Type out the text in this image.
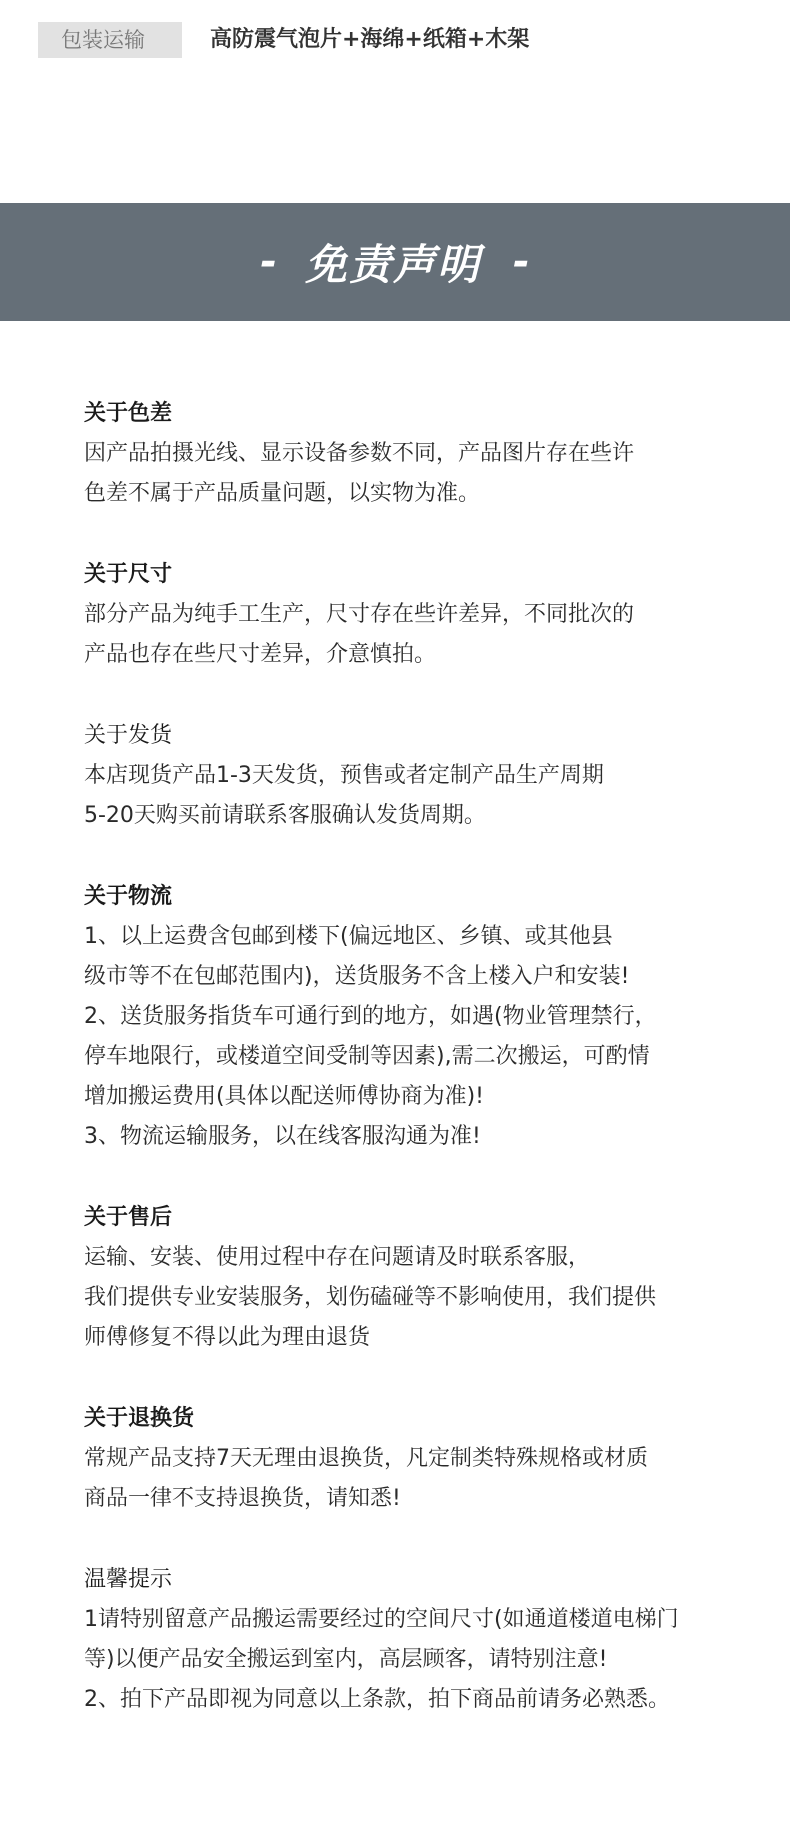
包装运输	高防震气泡片+海绵+纸箱+木架
- 免责声明 -
关于色差
因产品拍摄光线、显示设备参数不同，产品图片存在些许
色差不属于产品质量问题，以实物为准。
关于尺寸
部分产品为纯手工生产，尺寸存在些许差异，不同批次的
产品也存在些尺寸差异，介意慎拍。
关于发货
本店现货产品1-3天发货，预售或者定制产品生产周期
5-20天购买前请联系客服确认发货周期。
关于物流
1、以上运费含包邮到楼下(偏远地区、乡镇、或其他县
级市等不在包邮范围内)，送货服务不含上楼入户和安装!
2、送货服务指货车可通行到的地方，如遇(物业管理禁行，
停车地限行，或楼道空间受制等因素),需二次搬运，可酌情
增加搬运费用(具体以配送师傅协商为准)!
3、物流运输服务，以在线客服沟通为准!
关于售后
运输、安装、使用过程中存在问题请及时联系客服，
我们提供专业安装服务，划伤磕碰等不影响使用，我们提供
师傅修复不得以此为理由退货
关于退换货
常规产品支持7天无理由退换货，凡定制类特殊规格或材质
商品一律不支持退换货，请知悉!
温馨提示
1请特别留意产品搬运需要经过的空间尺寸(如通道楼道电梯门
等)以便产品安全搬运到室内，高层顾客，请特别注意!
2、拍下产品即视为同意以上条款，拍下商品前请务必熟悉。
